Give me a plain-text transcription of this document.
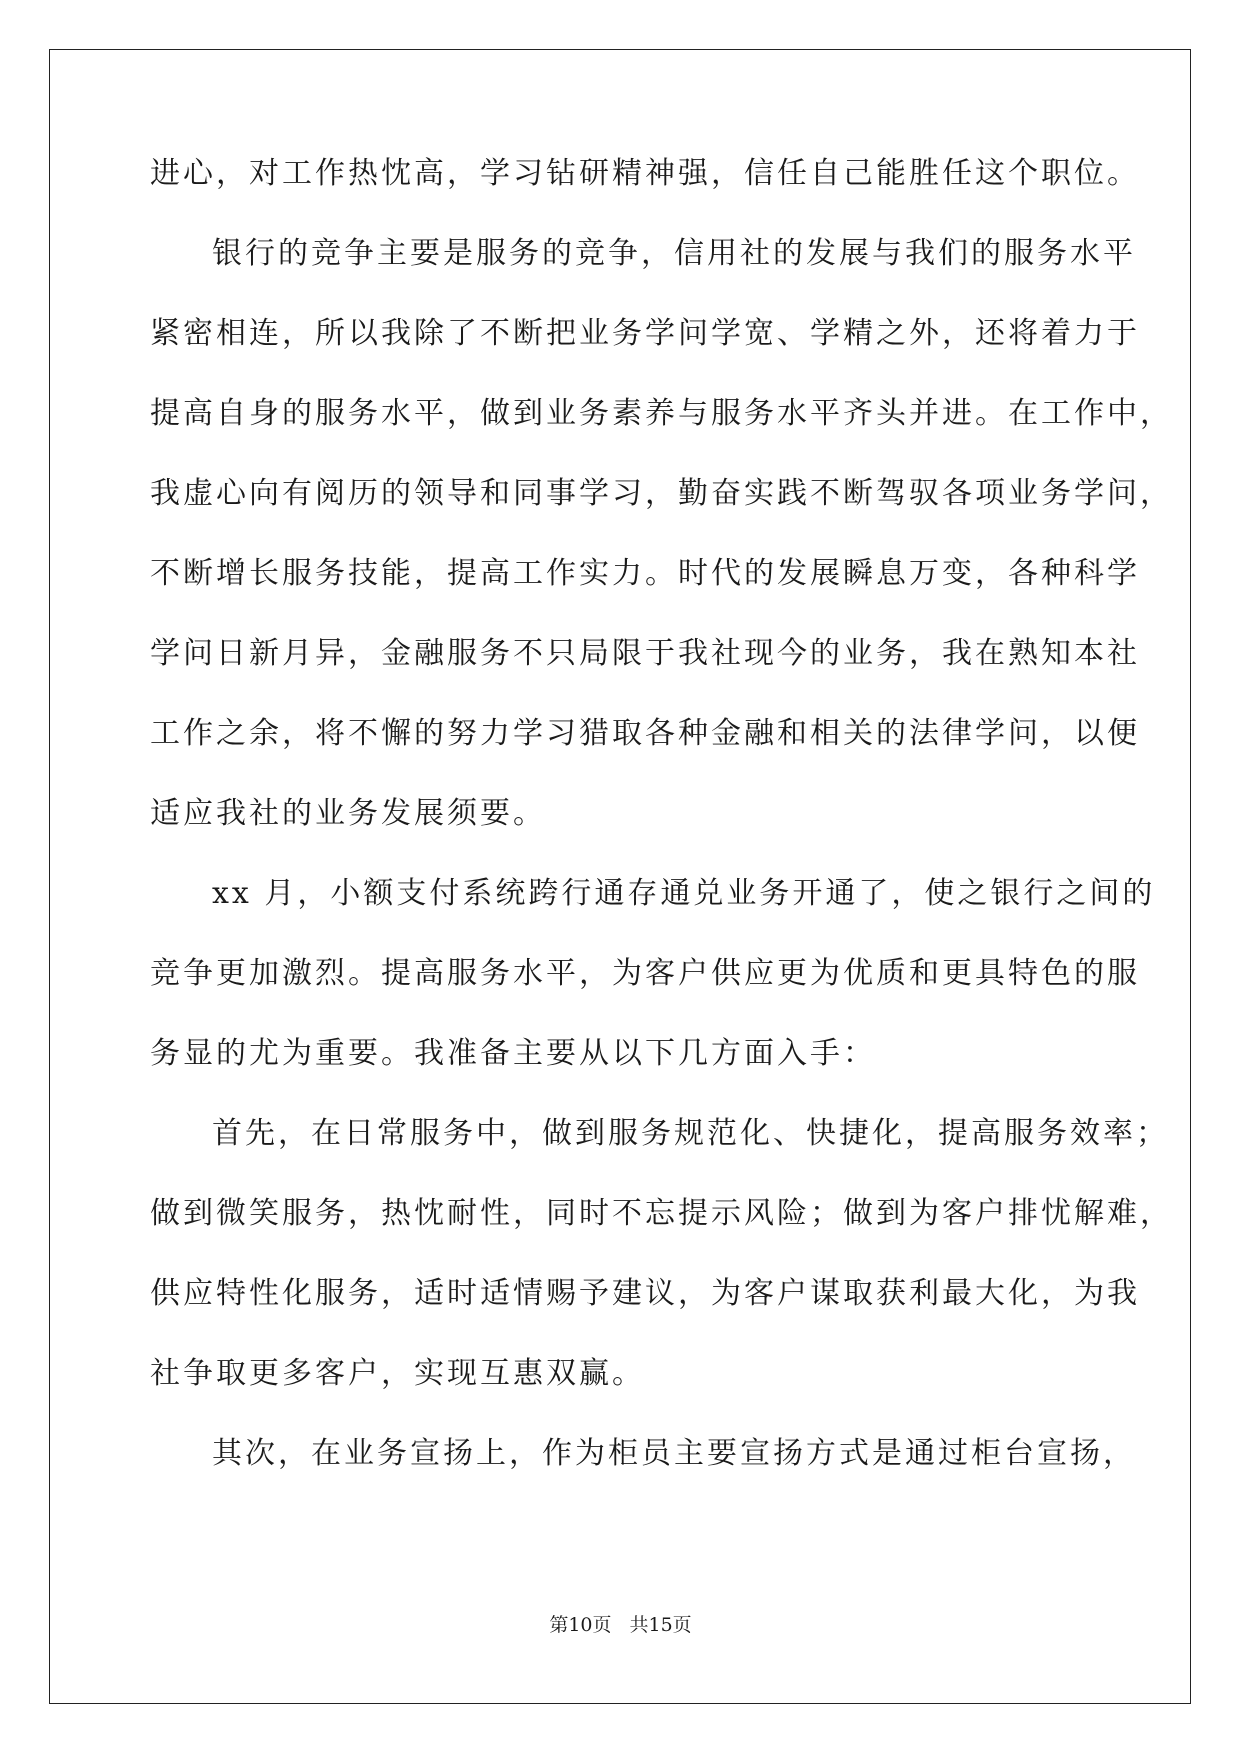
进心，对工作热忱高，学习钻研精神强，信任自己能胜任这个职位。
银行的竞争主要是服务的竞争，信用社的发展与我们的服务水平
紧密相连，所以我除了不断把业务学问学宽、学精之外，还将着力于
提高自身的服务水平，做到业务素养与服务水平齐头并进。在工作中，
我虚心向有阅历的领导和同事学习，勤奋实践不断驾驭各项业务学问，
不断增长服务技能，提高工作实力。时代的发展瞬息万变，各种科学
学问日新月异，金融服务不只局限于我社现今的业务，我在熟知本社
工作之余，将不懈的努力学习猎取各种金融和相关的法律学问，以便
适应我社的业务发展须要。
xx 月，小额支付系统跨行通存通兑业务开通了，使之银行之间的
竞争更加激烈。提高服务水平，为客户供应更为优质和更具特色的服
务显的尤为重要。我准备主要从以下几方面入手：
首先，在日常服务中，做到服务规范化、快捷化，提高服务效率；
做到微笑服务，热忱耐性，同时不忘提示风险；做到为客户排忧解难，
供应特性化服务，适时适情赐予建议，为客户谋取获利最大化，为我
社争取更多客户，实现互惠双赢。
其次，在业务宣扬上，作为柜员主要宣扬方式是通过柜台宣扬，
第10页 共15页
